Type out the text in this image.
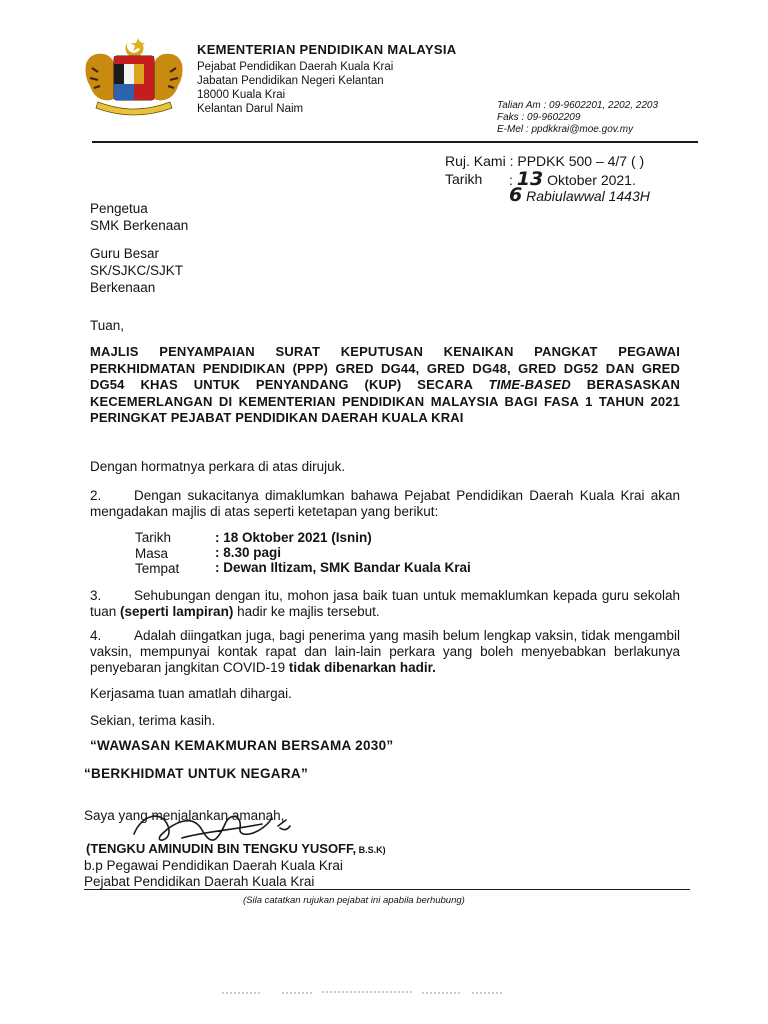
KEMENTERIAN PENDIDIKAN MALAYSIA
Pejabat Pendidikan Daerah Kuala Krai
Jabatan Pendidikan Negeri Kelantan
18000 Kuala Krai
Kelantan Darul Naim	Talian Am : 09-9602201, 2202, 2203
Faks : 09-9602209
E-Mel : ppdkkrai@moe.gov.my
Ruj. Kami : PPDKK 500 – 4/7 ( )
Tarikh : 13 Oktober 2021.
6 Rabiulawwal 1443H
Pengetua
SMK Berkenaan
Guru Besar
SK/SJKC/SJKT
Berkenaan
Tuan,
MAJLIS PENYAMPAIAN SURAT KEPUTUSAN KENAIKAN PANGKAT PEGAWAI PERKHIDMATAN PENDIDIKAN (PPP) GRED DG44, GRED DG48, GRED DG52 DAN GRED DG54 KHAS UNTUK PENYANDANG (KUP) SECARA TIME-BASED BERASASKAN KECEMERLANGAN DI KEMENTERIAN PENDIDIKAN MALAYSIA BAGI FASA 1 TAHUN 2021 PERINGKAT PEJABAT PENDIDIKAN DAERAH KUALA KRAI
Dengan hormatnya perkara di atas dirujuk.
2. Dengan sukacitanya dimaklumkan bahawa Pejabat Pendidikan Daerah Kuala Krai akan mengadakan majlis di atas seperti ketetapan yang berikut:
Tarikh	: 18 Oktober 2021 (Isnin)
Masa	: 8.30 pagi
Tempat	: Dewan Iltizam, SMK Bandar Kuala Krai
3. Sehubungan dengan itu, mohon jasa baik tuan untuk memaklumkan kepada guru sekolah tuan (seperti lampiran) hadir ke majlis tersebut.
4. Adalah diingatkan juga, bagi penerima yang masih belum lengkap vaksin, tidak mengambil vaksin, mempunyai kontak rapat dan lain-lain perkara yang boleh menyebabkan berlakunya penyebaran jangkitan COVID-19 tidak dibenarkan hadir.
Kerjasama tuan amatlah dihargai.
Sekian, terima kasih.
“WAWASAN KEMAKMURAN BERSAMA 2030”
“BERKHIDMAT UNTUK NEGARA”
Saya yang menjalankan amanah,
(TENGKU AMINUDIN BIN TENGKU YUSOFF, B.S.K)
b.p Pegawai Pendidikan Daerah Kuala Krai
Pejabat Pendidikan Daerah Kuala Krai
(Sila catatkan rujukan pejabat ini apabila berhubung)
